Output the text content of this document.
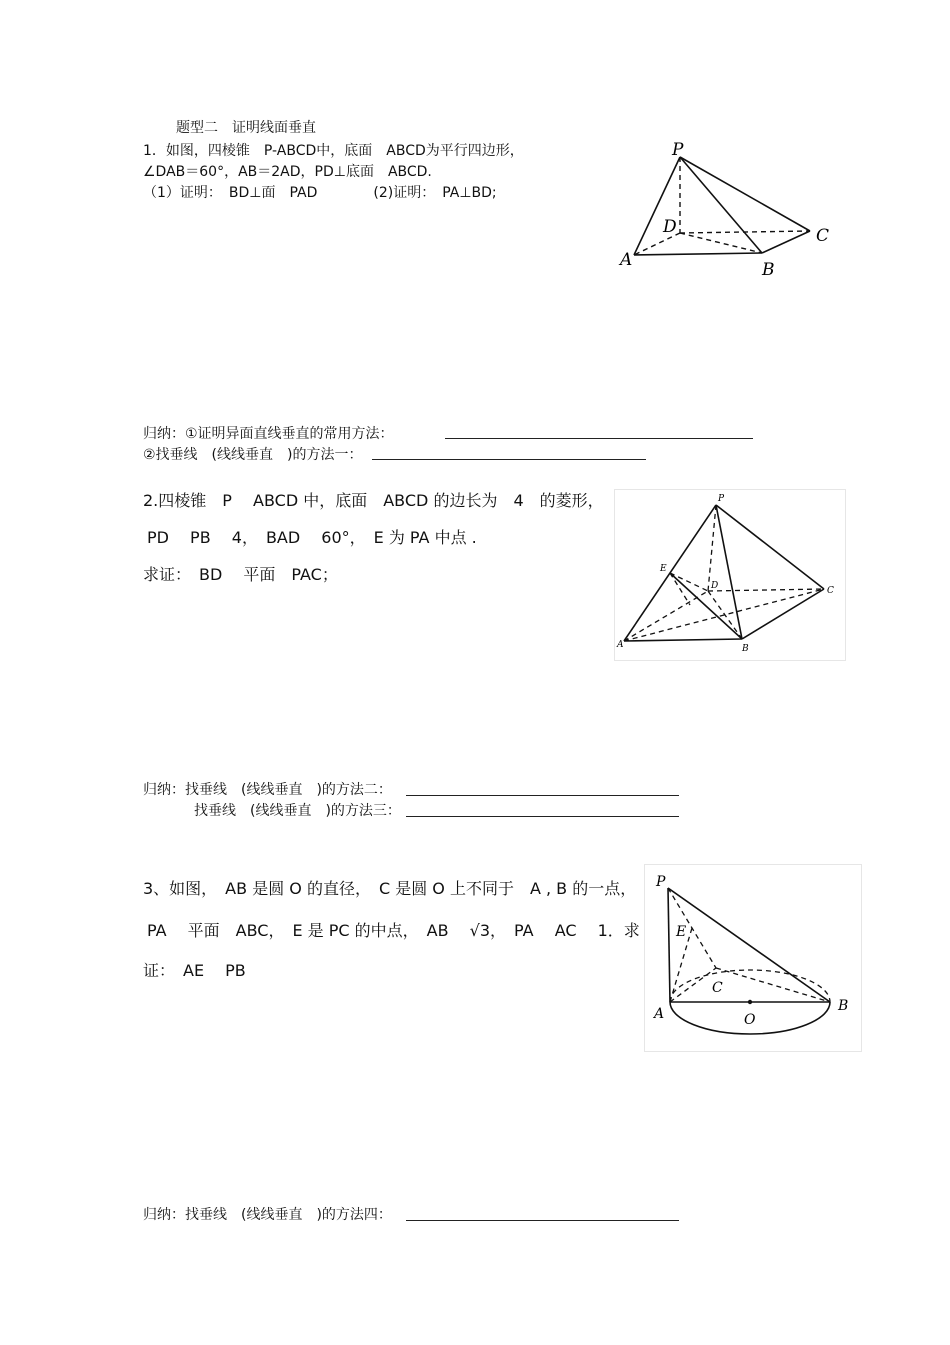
题型二　证明线面垂直
1．如图，四棱锥　P-ABCD中，底面　ABCD为平行四边形，
∠DAB＝60°，AB＝2AD，PD⊥底面　ABCD.
（1）证明：　BD⊥面　PAD　　　　(2)证明：　PA⊥BD;
P
D	C
A	B
归纳：①证明异面直线垂直的常用方法：
②找垂线　(线线垂直　)的方法一：
2.四棱锥　P　 ABCD 中，底面　ABCD 的边长为　4　的菱形，
PD　 PB　 4，　BAD　 60°，　E 为 PA 中点 .
求证：　BD　 平面　PAC；
P
E
D	C
A	B
归纳：找垂线　(线线垂直　)的方法二：
找垂线　(线线垂直　)的方法三：
3、如图，　AB 是圆 O 的直径，　C 是圆 O 上不同于　A , B 的一点，
PA　 平面　ABC，　E 是 PC 的中点，　AB　 √3，　PA　 AC　 1．求
证：　AE　 PB
P
E
C
A	O
B
归纳：找垂线　(线线垂直　)的方法四：
